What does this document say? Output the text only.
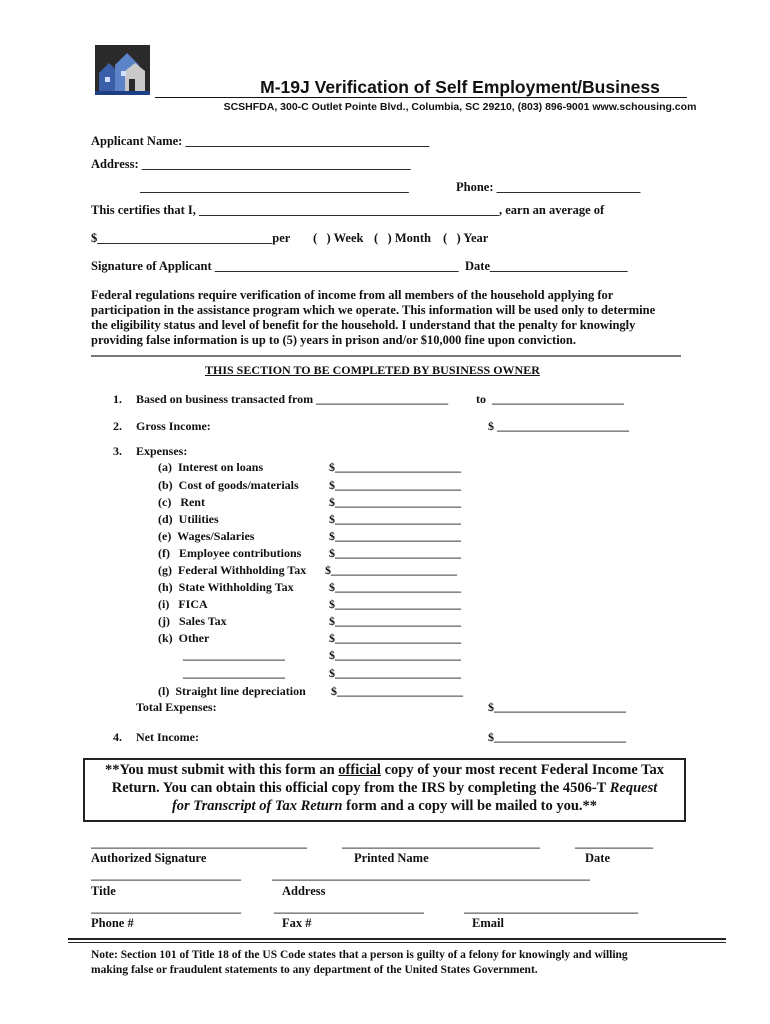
M-19J Verification of Self Employment/Business
SCSHFDA, 300-C Outlet Pointe Blvd., Columbia, SC 29210, (803) 896-9001 www.schousing.com
Applicant Name: _______________________________________
Address: ___________________________________________
___________________________________________	Phone: _______________________
This certifies that I, ________________________________________________, earn an average of
$____________________________per (   ) Week (   ) Month (   ) Year
Signature of Applicant _______________________________________ Date______________________
Federal regulations require verification of income from all members of the household applying for
participation in the assistance program which we operate. This information will be used only to determine
the eligibility status and level of benefit for the household. I understand that the penalty for knowingly
providing false information is up to (5) years in prison and/or $10,000 fine upon conviction.
THIS SECTION TO BE COMPLETED BY BUSINESS OWNER
1. Based on business transacted from ______________________ to  ______________________
2. Gross Income:	$ ______________________
3. Expenses:
(a)  Interest on loans	$_____________________
(b)  Cost of goods/materials	$_____________________
(c)   Rent	$_____________________
(d)  Utilities	$_____________________
(e)  Wages/Salaries	$_____________________
(f)   Employee contributions $_____________________
(g)  Federal Withholding Tax $_____________________
(h)  State Withholding Tax	$_____________________
(i)   FICA	$_____________________
(j)   Sales Tax	$_____________________
(k)  Other	$_____________________
_________________	$_____________________
_________________	$_____________________
(l)  Straight line depreciation $_____________________
Total Expenses:	$______________________
4. Net Income:	$______________________
**You must submit with this form an official copy of your most recent Federal Income Tax
Return. You can obtain this official copy from the IRS by completing the 4506-T Request
for Transcript of Tax Return form and a copy will be mailed to you.**
____________________________________	_________________________________	_____________
Authorized Signature	Printed Name	Date
_________________________	_____________________________________________________
Title	Address
_________________________	_________________________	_____________________________
Phone #	Fax #	Email
Note: Section 101 of Title 18 of the US Code states that a person is guilty of a felony for knowingly and willing
making false or fraudulent statements to any department of the United States Government.
